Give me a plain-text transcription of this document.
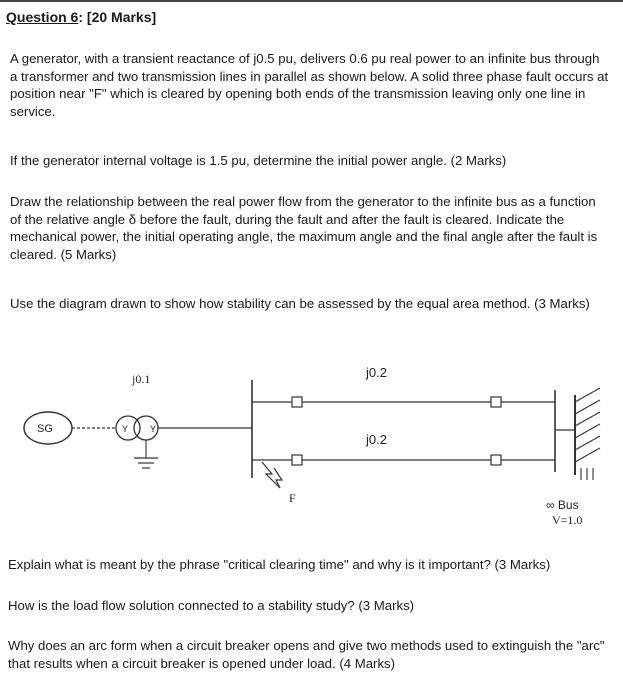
Question 6: [20 Marks]
A generator, with a transient reactance of j0.5 pu, delivers 0.6 pu real power to an infinite bus through a transformer and two transmission lines in parallel as shown below. A solid three phase fault occurs at position near "F" which is cleared by opening both ends of the transmission leaving only one line in service.
If the generator internal voltage is 1.5 pu, determine the initial power angle. (2 Marks)
Draw the relationship between the real power flow from the generator to the infinite bus as a function of the relative angle δ before the fault, during the fault and after the fault is cleared. Indicate the mechanical power, the initial operating angle, the maximum angle and the final angle after the fault is cleared. (5 Marks)
Use the diagram drawn to show how stability can be assessed by the equal area method. (3 Marks)
SG	Y Y
j0.1	j0.2
j0.2
F	∞ Bus
V=1.0
Explain what is meant by the phrase "critical clearing time" and why is it important? (3 Marks)
How is the load flow solution connected to a stability study? (3 Marks)
Why does an arc form when a circuit breaker opens and give two methods used to extinguish the "arc" that results when a circuit breaker is opened under load. (4 Marks)
